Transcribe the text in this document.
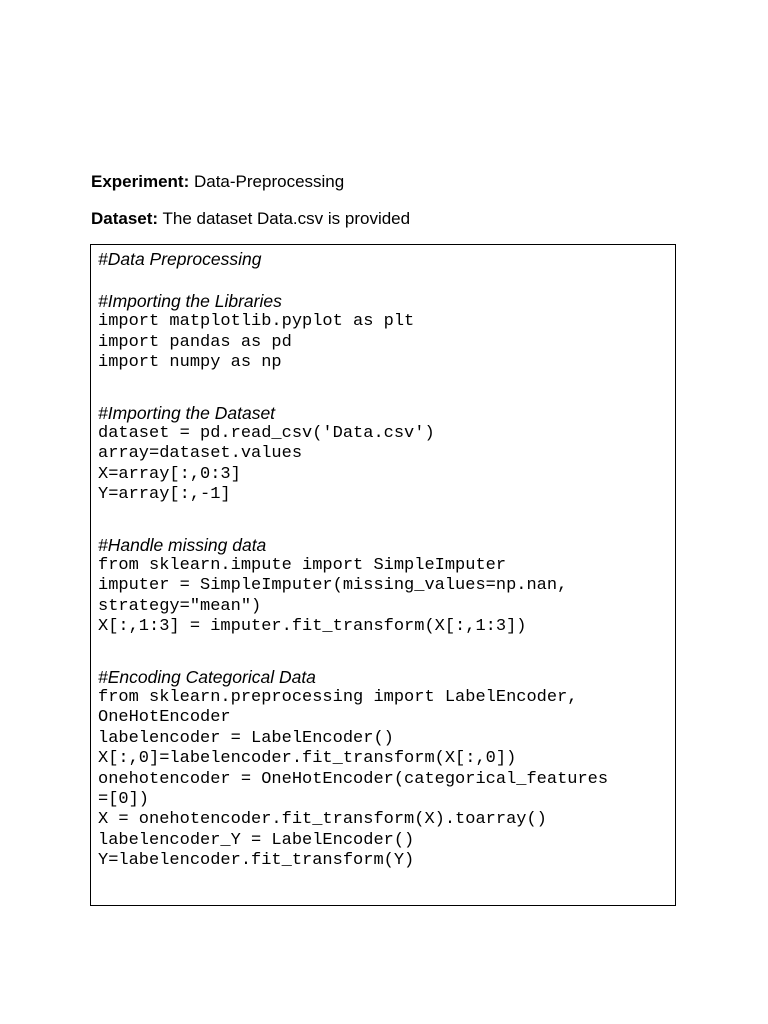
Experiment: Data-Preprocessing
Dataset: The dataset Data.csv is provided
#Data Preprocessing
#Importing the Libraries
import matplotlib.pyplot as plt
import pandas as pd
import numpy as np
#Importing the Dataset
dataset = pd.read_csv('Data.csv')
array=dataset.values
X=array[:,0:3]
Y=array[:,-1]
#Handle missing data
from sklearn.impute import SimpleImputer
imputer = SimpleImputer(missing_values=np.nan,
strategy="mean")
X[:,1:3] = imputer.fit_transform(X[:,1:3])
#Encoding Categorical Data
from sklearn.preprocessing import LabelEncoder,
OneHotEncoder
labelencoder = LabelEncoder()
X[:,0]=labelencoder.fit_transform(X[:,0])
onehotencoder = OneHotEncoder(categorical_features
=[0])
X = onehotencoder.fit_transform(X).toarray()
labelencoder_Y = LabelEncoder()
Y=labelencoder.fit_transform(Y)
